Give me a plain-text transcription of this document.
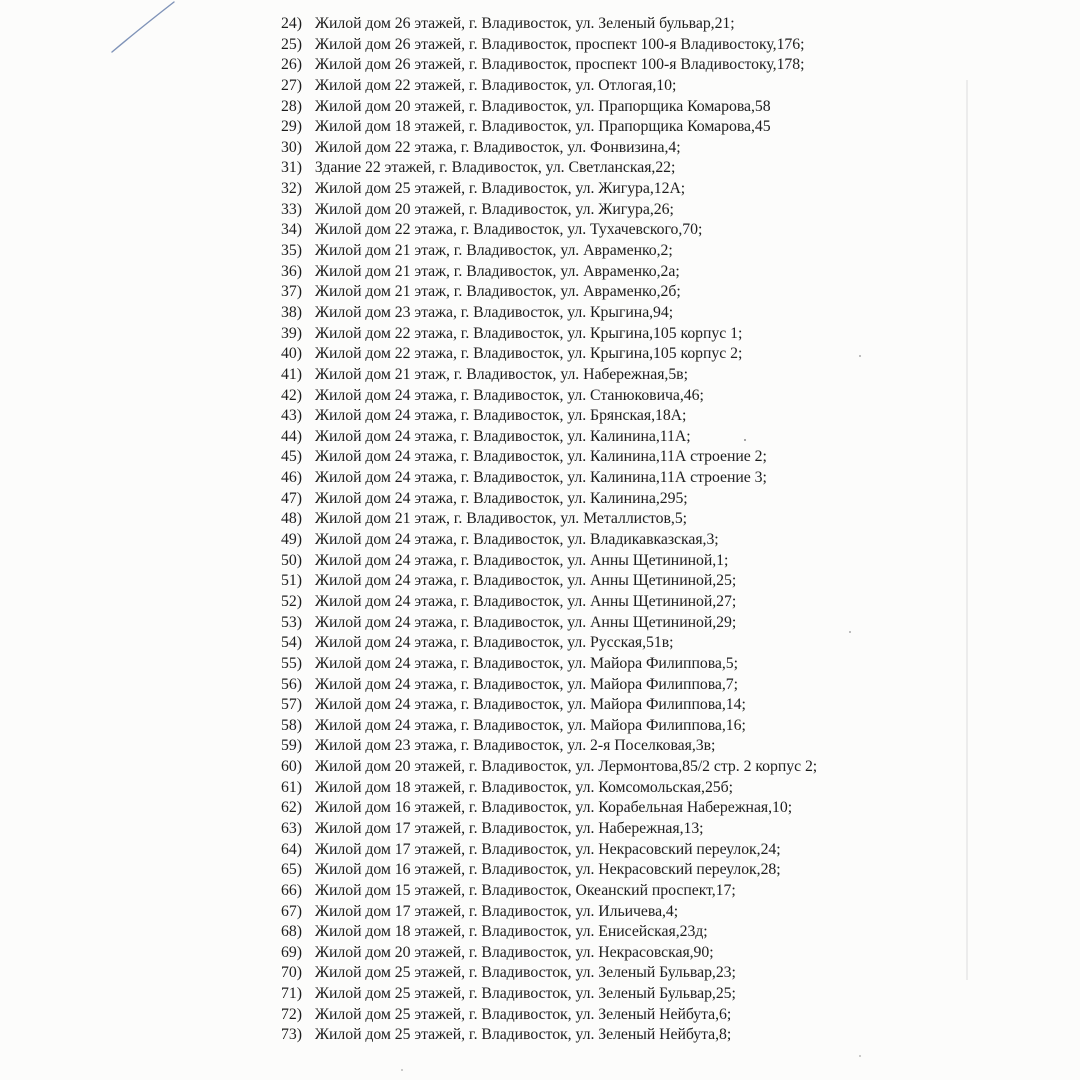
24) Жилой дом 26 этажей, г. Владивосток, ул. Зеленый бульвар,21;
25) Жилой дом 26 этажей, г. Владивосток, проспект 100-я Владивостоку,176;
26) Жилой дом 26 этажей, г. Владивосток, проспект 100-я Владивостоку,178;
27) Жилой дом 22 этажей, г. Владивосток, ул. Отлогая,10;
28) Жилой дом 20 этажей, г. Владивосток, ул. Прапорщика Комарова,58
29) Жилой дом 18 этажей, г. Владивосток, ул. Прапорщика Комарова,45
30) Жилой дом 22 этажа, г. Владивосток, ул. Фонвизина,4;
31) Здание 22 этажей, г. Владивосток, ул. Светланская,22;
32) Жилой дом 25 этажей, г. Владивосток, ул. Жигура,12А;
33) Жилой дом 20 этажей, г. Владивосток, ул. Жигура,26;
34) Жилой дом 22 этажа, г. Владивосток, ул. Тухачевского,70;
35) Жилой дом 21 этаж, г. Владивосток, ул. Авраменко,2;
36) Жилой дом 21 этаж, г. Владивосток, ул. Авраменко,2а;
37) Жилой дом 21 этаж, г. Владивосток, ул. Авраменко,2б;
38) Жилой дом 23 этажа, г. Владивосток, ул. Крыгина,94;
39) Жилой дом 22 этажа, г. Владивосток, ул. Крыгина,105 корпус 1;
40) Жилой дом 22 этажа, г. Владивосток, ул. Крыгина,105 корпус 2;
41) Жилой дом 21 этаж, г. Владивосток, ул. Набережная,5в;
42) Жилой дом 24 этажа, г. Владивосток, ул. Станюковича,46;
43) Жилой дом 24 этажа, г. Владивосток, ул. Брянская,18А;
44) Жилой дом 24 этажа, г. Владивосток, ул. Калинина,11А;
45) Жилой дом 24 этажа, г. Владивосток, ул. Калинина,11А строение 2;
46) Жилой дом 24 этажа, г. Владивосток, ул. Калинина,11А строение 3;
47) Жилой дом 24 этажа, г. Владивосток, ул. Калинина,295;
48) Жилой дом 21 этаж, г. Владивосток, ул. Металлистов,5;
49) Жилой дом 24 этажа, г. Владивосток, ул. Владикавказская,3;
50) Жилой дом 24 этажа, г. Владивосток, ул. Анны Щетининой,1;
51) Жилой дом 24 этажа, г. Владивосток, ул. Анны Щетининой,25;
52) Жилой дом 24 этажа, г. Владивосток, ул. Анны Щетининой,27;
53) Жилой дом 24 этажа, г. Владивосток, ул. Анны Щетининой,29;
54) Жилой дом 24 этажа, г. Владивосток, ул. Русская,51в;
55) Жилой дом 24 этажа, г. Владивосток, ул. Майора Филиппова,5;
56) Жилой дом 24 этажа, г. Владивосток, ул. Майора Филиппова,7;
57) Жилой дом 24 этажа, г. Владивосток, ул. Майора Филиппова,14;
58) Жилой дом 24 этажа, г. Владивосток, ул. Майора Филиппова,16;
59) Жилой дом 23 этажа, г. Владивосток, ул. 2-я Поселковая,3в;
60) Жилой дом 20 этажей, г. Владивосток, ул. Лермонтова,85/2 стр. 2 корпус 2;
61) Жилой дом 18 этажей, г. Владивосток, ул. Комсомольская,25б;
62) Жилой дом 16 этажей, г. Владивосток, ул. Корабельная Набережная,10;
63) Жилой дом 17 этажей, г. Владивосток, ул. Набережная,13;
64) Жилой дом 17 этажей, г. Владивосток, ул. Некрасовский переулок,24;
65) Жилой дом 16 этажей, г. Владивосток, ул. Некрасовский переулок,28;
66) Жилой дом 15 этажей, г. Владивосток, Океанский проспект,17;
67) Жилой дом 17 этажей, г. Владивосток, ул. Ильичева,4;
68) Жилой дом 18 этажей, г. Владивосток, ул. Енисейская,23д;
69) Жилой дом 20 этажей, г. Владивосток, ул. Некрасовская,90;
70) Жилой дом 25 этажей, г. Владивосток, ул. Зеленый Бульвар,23;
71) Жилой дом 25 этажей, г. Владивосток, ул. Зеленый Бульвар,25;
72) Жилой дом 25 этажей, г. Владивосток, ул. Зеленый Нейбута,6;
73) Жилой дом 25 этажей, г. Владивосток, ул. Зеленый Нейбута,8;
